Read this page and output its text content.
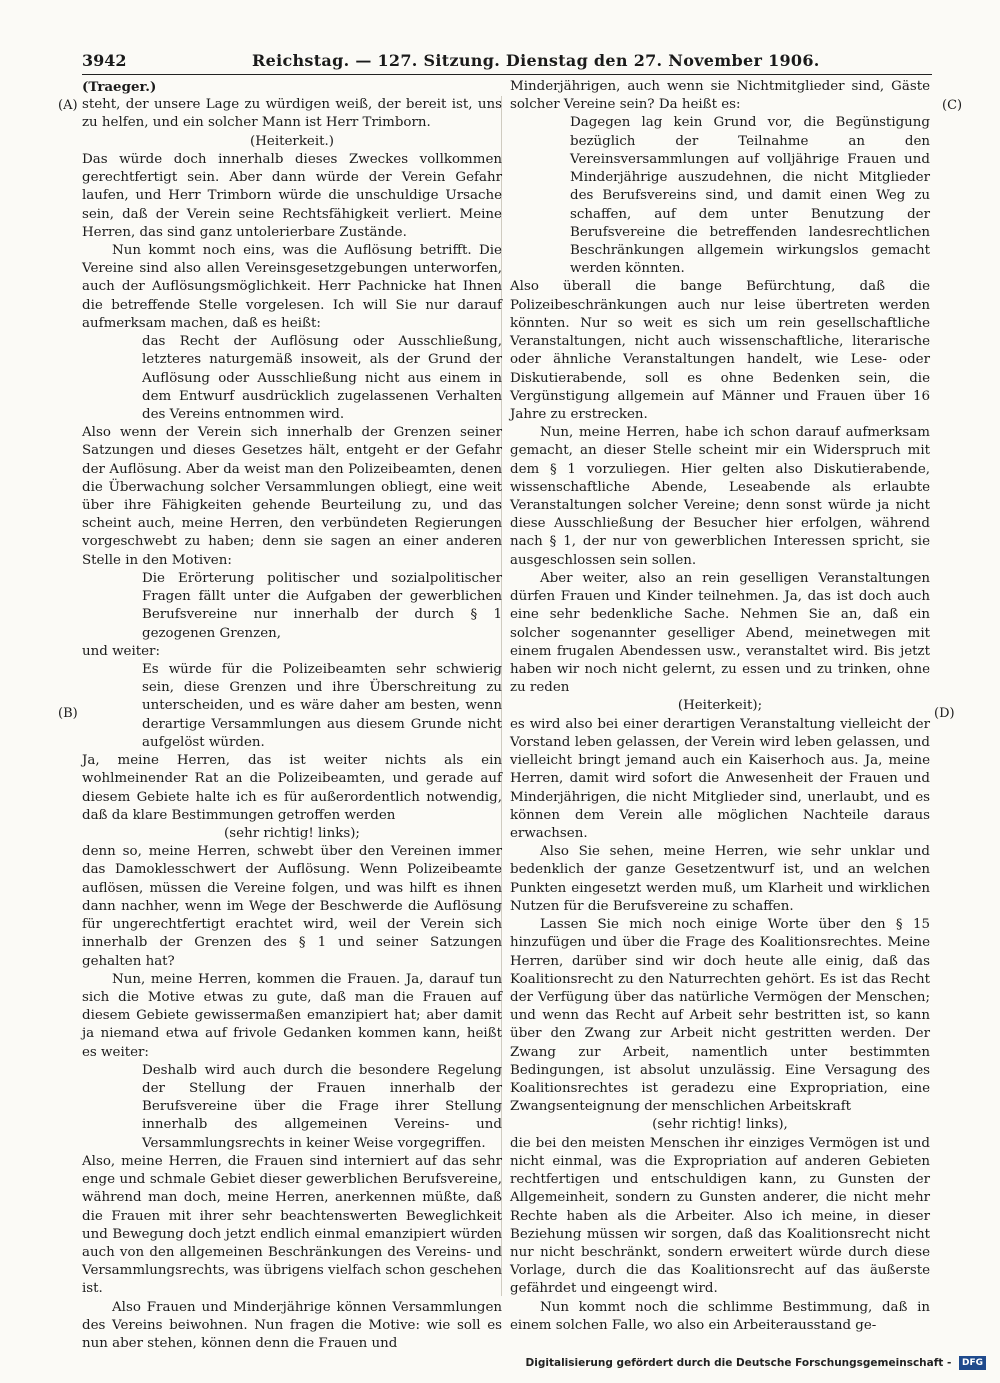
3942	Reichstag. — 127. Sitzung. Dienstag den 27. November 1906.
(A)
(B)
(C)
(D)

(Traeger.)

steht, der unsere Lage zu würdigen weiß, der bereit ist, uns zu helfen, und ein solcher Mann ist Herr Trimborn.

(Heiterkeit.)

Das würde doch innerhalb dieses Zweckes vollkommen gerechtfertigt sein. Aber dann würde der Verein Gefahr laufen, und Herr Trimborn würde die unschuldige Ursache sein, daß der Verein seine Rechtsfähigkeit verliert. Meine Herren, das sind ganz untolerierbare Zustände.

Nun kommt noch eins, was die Auflösung betrifft. Die Vereine sind also allen Vereinsgesetzgebungen unterworfen, auch der Auflösungsmöglichkeit. Herr Pachnicke hat Ihnen die betreffende Stelle vorgelesen. Ich will Sie nur darauf aufmerksam machen, daß es heißt:

das Recht der Auflösung oder Ausschließung, letzteres naturgemäß insoweit, als der Grund der Auflösung oder Ausschließung nicht aus einem in dem Entwurf ausdrücklich zugelassenen Verhalten des Vereins entnommen wird.

Also wenn der Verein sich innerhalb der Grenzen seiner Satzungen und dieses Gesetzes hält, entgeht er der Gefahr der Auflösung. Aber da weist man den Polizeibeamten, denen die Überwachung solcher Versammlungen obliegt, eine weit über ihre Fähigkeiten gehende Beurteilung zu, und das scheint auch, meine Herren, den verbündeten Regierungen vorgeschwebt zu haben; denn sie sagen an einer anderen Stelle in den Motiven:

Die Erörterung politischer und sozialpolitischer Fragen fällt unter die Aufgaben der gewerblichen Berufsvereine nur innerhalb der durch § 1 gezogenen Grenzen,

und weiter:

Es würde für die Polizeibeamten sehr schwierig sein, diese Grenzen und ihre Überschreitung zu unterscheiden, und es wäre daher am besten, wenn derartige Versammlungen aus diesem Grunde nicht aufgelöst würden.

Ja, meine Herren, das ist weiter nichts als ein wohlmeinender Rat an die Polizeibeamten, und gerade auf diesem Gebiete halte ich es für außerordentlich notwendig, daß da klare Bestimmungen getroffen werden

(sehr richtig! links);

denn so, meine Herren, schwebt über den Vereinen immer das Damoklesschwert der Auflösung. Wenn Polizeibeamte auflösen, müssen die Vereine folgen, und was hilft es ihnen dann nachher, wenn im Wege der Beschwerde die Auflösung für ungerechtfertigt erachtet wird, weil der Verein sich innerhalb der Grenzen des § 1 und seiner Satzungen gehalten hat?

Nun, meine Herren, kommen die Frauen. Ja, darauf tun sich die Motive etwas zu gute, daß man die Frauen auf diesem Gebiete gewissermaßen emanzipiert hat; aber damit ja niemand etwa auf frivole Gedanken kommen kann, heißt es weiter:

Deshalb wird auch durch die besondere Regelung der Stellung der Frauen innerhalb der Berufsvereine über die Frage ihrer Stellung innerhalb des allgemeinen Vereins- und Versammlungsrechts in keiner Weise vorgegriffen.

Also, meine Herren, die Frauen sind interniert auf das sehr enge und schmale Gebiet dieser gewerblichen Berufsvereine, während man doch, meine Herren, anerkennen müßte, daß die Frauen mit ihrer sehr beachtenswerten Beweglichkeit und Bewegung doch jetzt endlich einmal emanzipiert würden auch von den allgemeinen Beschränkungen des Vereins- und Versammlungsrechts, was übrigens vielfach schon geschehen ist.

Also Frauen und Minderjährige können Versammlungen des Vereins beiwohnen. Nun fragen die Motive: wie soll es nun aber stehen, können denn die Frauen und

Minderjährigen, auch wenn sie Nichtmitglieder sind, Gäste solcher Vereine sein? Da heißt es:

Dagegen lag kein Grund vor, die Begünstigung bezüglich der Teilnahme an den Vereinsversammlungen auf volljährige Frauen und Minderjährige auszudehnen, die nicht Mitglieder des Berufsvereins sind, und damit einen Weg zu schaffen, auf dem unter Benutzung der Berufsvereine die betreffenden landesrechtlichen Beschränkungen allgemein wirkungslos gemacht werden könnten.

Also überall die bange Befürchtung, daß die Polizeibeschränkungen auch nur leise übertreten werden könnten. Nur so weit es sich um rein gesellschaftliche Veranstaltungen, nicht auch wissenschaftliche, literarische oder ähnliche Veranstaltungen handelt, wie Lese- oder Diskutierabende, soll es ohne Bedenken sein, die Vergünstigung allgemein auf Männer und Frauen über 16 Jahre zu erstrecken.

Nun, meine Herren, habe ich schon darauf aufmerksam gemacht, an dieser Stelle scheint mir ein Widerspruch mit dem § 1 vorzuliegen. Hier gelten also Diskutierabende, wissenschaftliche Abende, Leseabende als erlaubte Veranstaltungen solcher Vereine; denn sonst würde ja nicht diese Ausschließung der Besucher hier erfolgen, während nach § 1, der nur von gewerblichen Interessen spricht, sie ausgeschlossen sein sollen.

Aber weiter, also an rein geselligen Veranstaltungen dürfen Frauen und Kinder teilnehmen. Ja, das ist doch auch eine sehr bedenkliche Sache. Nehmen Sie an, daß ein solcher sogenannter geselliger Abend, meinetwegen mit einem frugalen Abendessen usw., veranstaltet wird. Bis jetzt haben wir noch nicht gelernt, zu essen und zu trinken, ohne zu reden

(Heiterkeit);

es wird also bei einer derartigen Veranstaltung vielleicht der Vorstand leben gelassen, der Verein wird leben gelassen, und vielleicht bringt jemand auch ein Kaiserhoch aus. Ja, meine Herren, damit wird sofort die Anwesenheit der Frauen und Minderjährigen, die nicht Mitglieder sind, unerlaubt, und es können dem Verein alle möglichen Nachteile daraus erwachsen.

Also Sie sehen, meine Herren, wie sehr unklar und bedenklich der ganze Gesetzentwurf ist, und an welchen Punkten eingesetzt werden muß, um Klarheit und wirklichen Nutzen für die Berufsvereine zu schaffen.

Lassen Sie mich noch einige Worte über den § 15 hinzufügen und über die Frage des Koalitionsrechtes. Meine Herren, darüber sind wir doch heute alle einig, daß das Koalitionsrecht zu den Naturrechten gehört. Es ist das Recht der Verfügung über das natürliche Vermögen der Menschen; und wenn das Recht auf Arbeit sehr bestritten ist, so kann über den Zwang zur Arbeit nicht gestritten werden. Der Zwang zur Arbeit, namentlich unter bestimmten Bedingungen, ist absolut unzulässig. Eine Versagung des Koalitionsrechtes ist geradezu eine Expropriation, eine Zwangsenteignung der menschlichen Arbeitskraft

(sehr richtig! links),

die bei den meisten Menschen ihr einziges Vermögen ist und nicht einmal, was die Expropriation auf anderen Gebieten rechtfertigen und entschuldigen kann, zu Gunsten der Allgemeinheit, sondern zu Gunsten anderer, die nicht mehr Rechte haben als die Arbeiter. Also ich meine, in dieser Beziehung müssen wir sorgen, daß das Koalitionsrecht nicht nur nicht beschränkt, sondern erweitert würde durch diese Vorlage, durch die das Koalitionsrecht auf das äußerste gefährdet und eingeengt wird.

Nun kommt noch die schlimme Bestimmung, daß in einem solchen Falle, wo also ein Arbeiterausstand ge-

Digitalisierung gefördert durch die Deutsche Forschungsgemeinschaft - DFG
